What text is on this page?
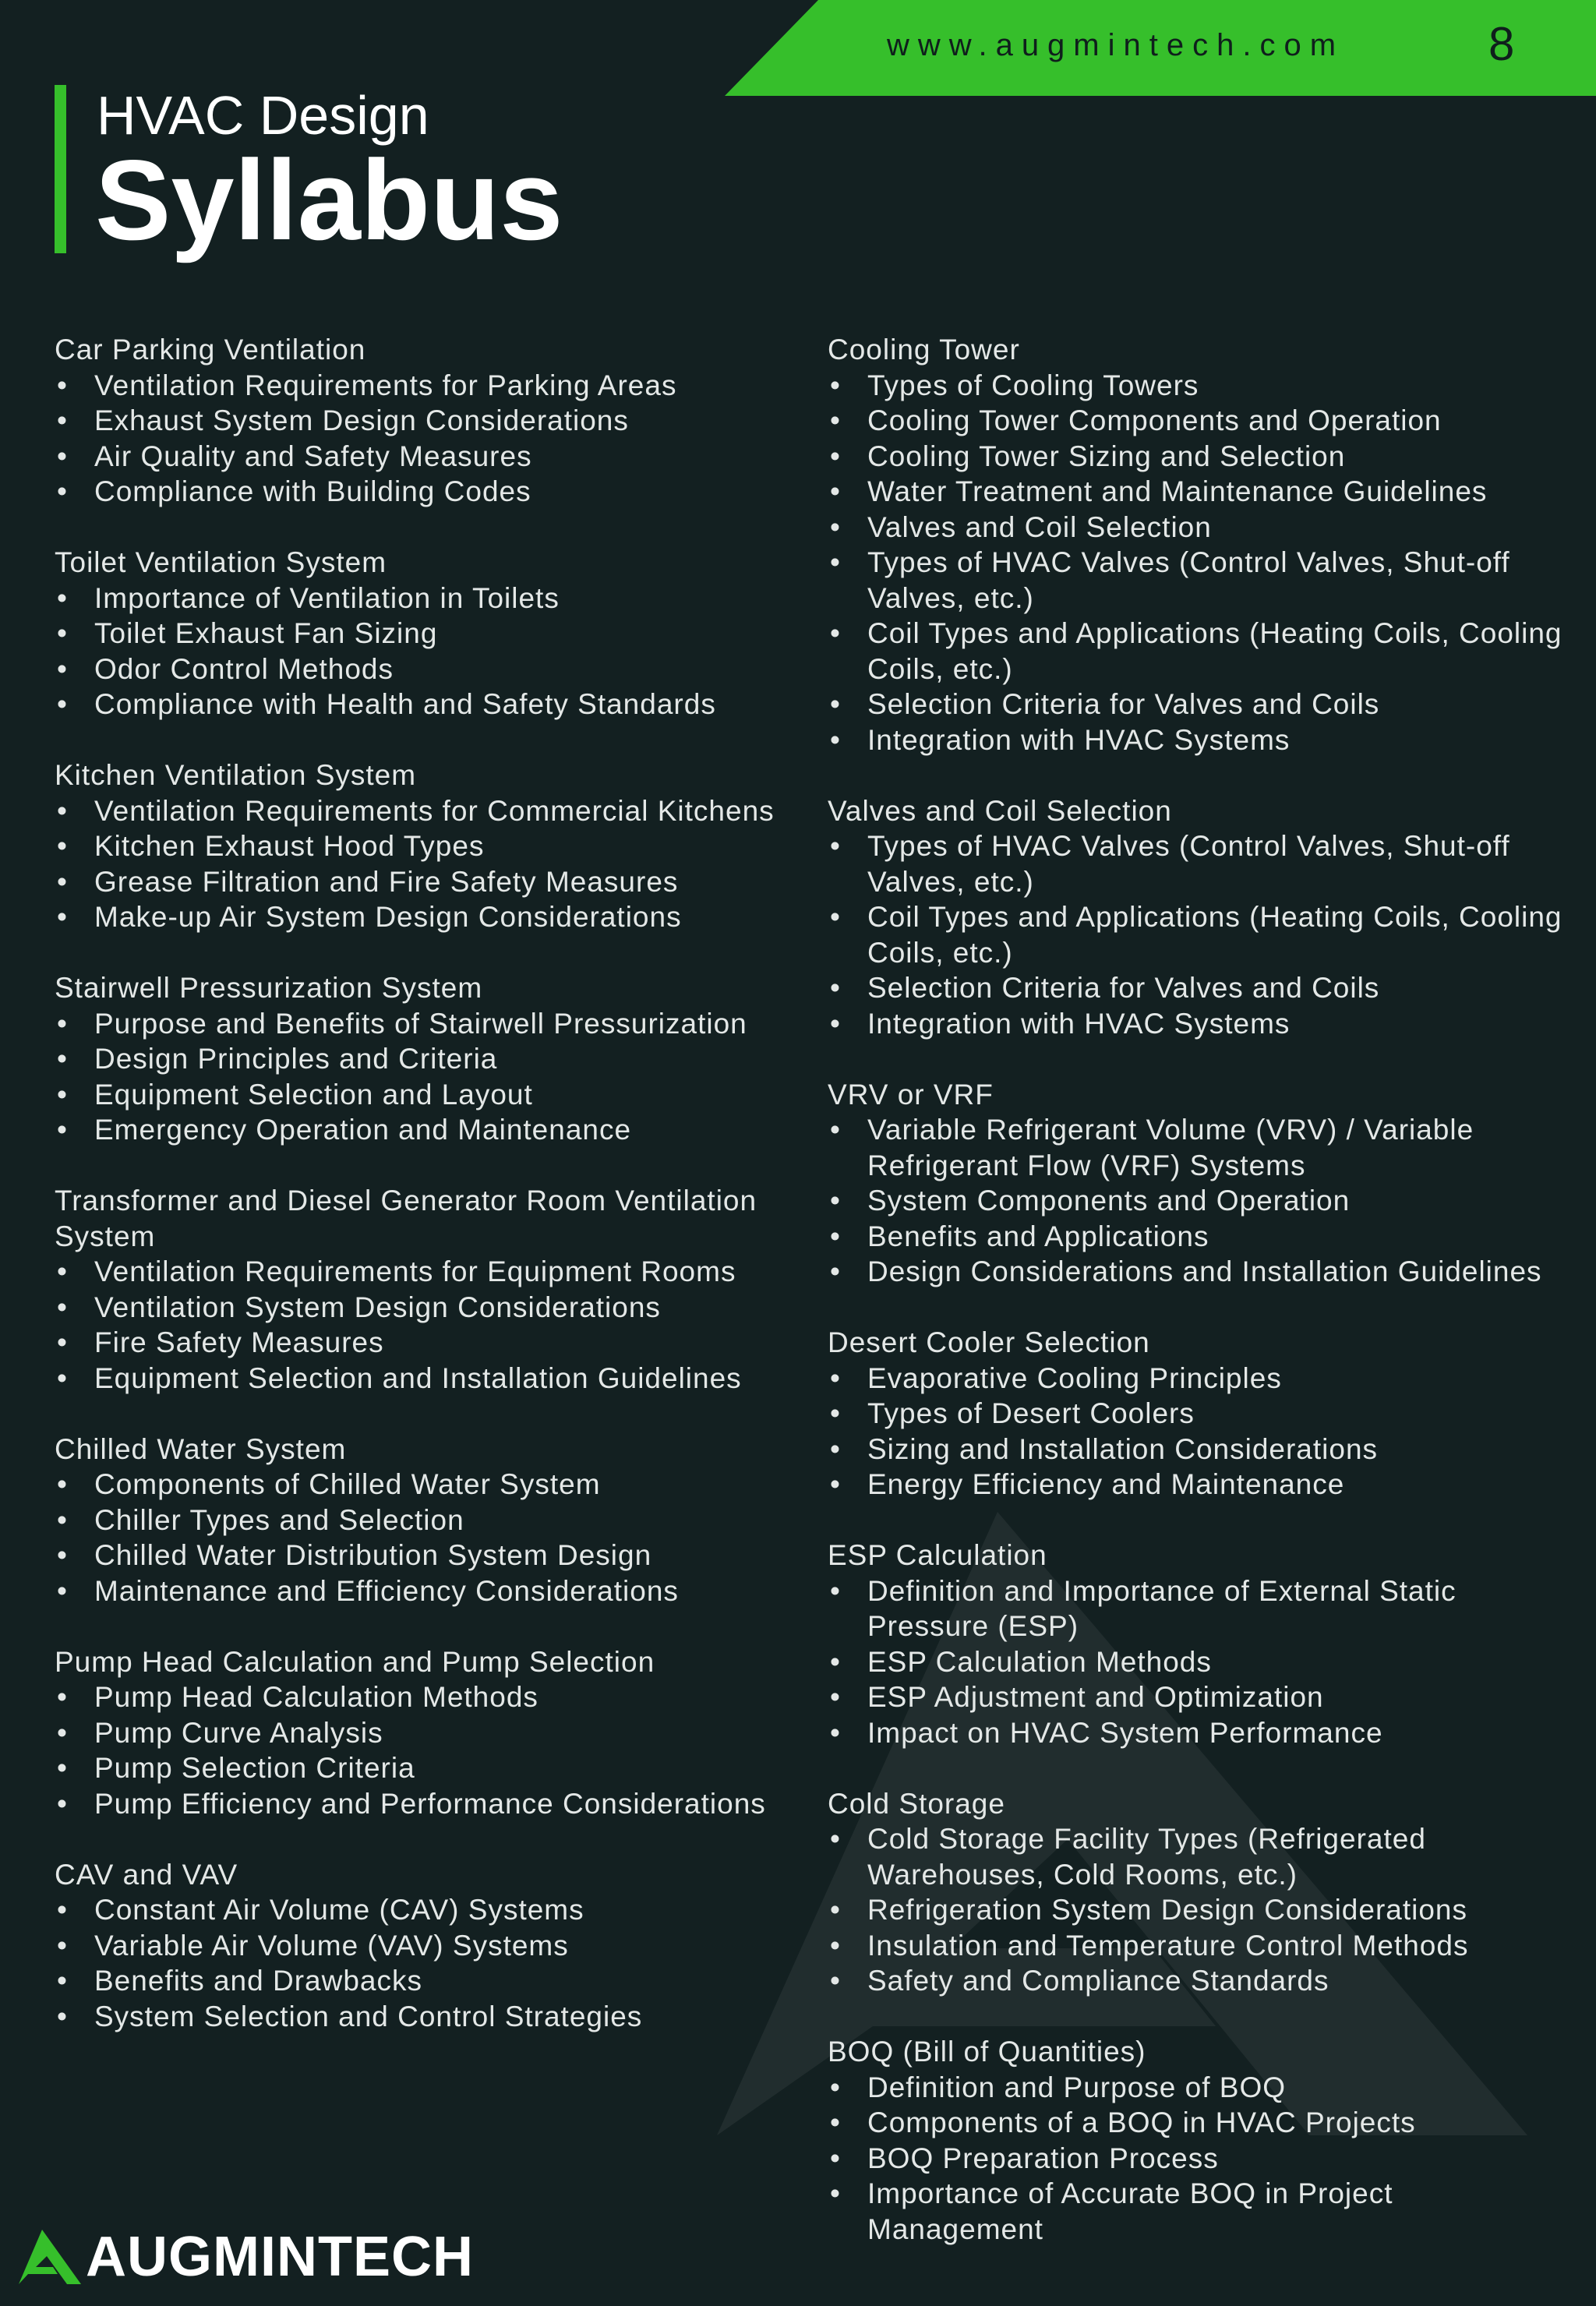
www.augmintech.com	8
HVAC Design
Syllabus
Car Parking Ventilation
• Ventilation Requirements for Parking Areas
• Exhaust System Design Considerations
• Air Quality and Safety Measures
• Compliance with Building Codes
Toilet Ventilation System
• Importance of Ventilation in Toilets
• Toilet Exhaust Fan Sizing
• Odor Control Methods
• Compliance with Health and Safety Standards
Kitchen Ventilation System
• Ventilation Requirements for Commercial Kitchens
• Kitchen Exhaust Hood Types
• Grease Filtration and Fire Safety Measures
• Make-up Air System Design Considerations
Stairwell Pressurization System
• Purpose and Benefits of Stairwell Pressurization
• Design Principles and Criteria
• Equipment Selection and Layout
• Emergency Operation and Maintenance
Transformer and Diesel Generator Room Ventilation System
• Ventilation Requirements for Equipment Rooms
• Ventilation System Design Considerations
• Fire Safety Measures
• Equipment Selection and Installation Guidelines
Chilled Water System
• Components of Chilled Water System
• Chiller Types and Selection
• Chilled Water Distribution System Design
• Maintenance and Efficiency Considerations
Pump Head Calculation and Pump Selection
• Pump Head Calculation Methods
• Pump Curve Analysis
• Pump Selection Criteria
• Pump Efficiency and Performance Considerations
CAV and VAV
• Constant Air Volume (CAV) Systems
• Variable Air Volume (VAV) Systems
• Benefits and Drawbacks
• System Selection and Control Strategies
Cooling Tower
• Types of Cooling Towers
• Cooling Tower Components and Operation
• Cooling Tower Sizing and Selection
• Water Treatment and Maintenance Guidelines
• Valves and Coil Selection
• Types of HVAC Valves (Control Valves, Shut-off Valves, etc.)
• Coil Types and Applications (Heating Coils, Cooling Coils, etc.)
• Selection Criteria for Valves and Coils
• Integration with HVAC Systems
Valves and Coil Selection
• Types of HVAC Valves (Control Valves, Shut-off Valves, etc.)
• Coil Types and Applications (Heating Coils, Cooling Coils, etc.)
• Selection Criteria for Valves and Coils
• Integration with HVAC Systems
VRV or VRF
• Variable Refrigerant Volume (VRV) / Variable Refrigerant Flow (VRF) Systems
• System Components and Operation
• Benefits and Applications
• Design Considerations and Installation Guidelines
Desert Cooler Selection
• Evaporative Cooling Principles
• Types of Desert Coolers
• Sizing and Installation Considerations
• Energy Efficiency and Maintenance
ESP Calculation
• Definition and Importance of External Static Pressure (ESP)
• ESP Calculation Methods
• ESP Adjustment and Optimization
• Impact on HVAC System Performance
Cold Storage
• Cold Storage Facility Types (Refrigerated Warehouses, Cold Rooms, etc.)
• Refrigeration System Design Considerations
• Insulation and Temperature Control Methods
• Safety and Compliance Standards
BOQ (Bill of Quantities)
• Definition and Purpose of BOQ
• Components of a BOQ in HVAC Projects
• BOQ Preparation Process
• Importance of Accurate BOQ in Project Management
AUGMINTECH
